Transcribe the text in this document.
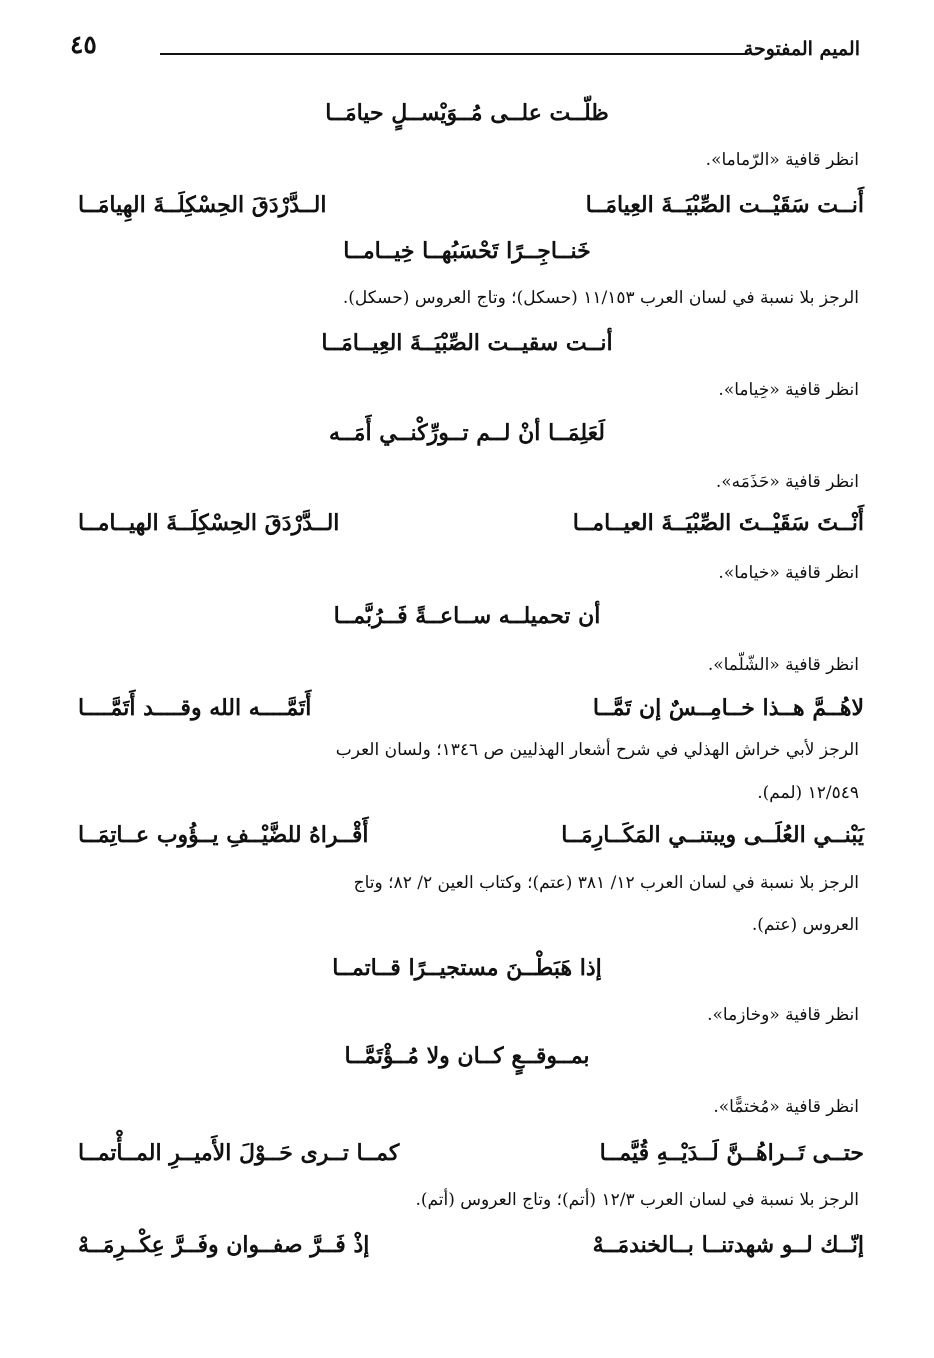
الميم المفتوحة
٤٥
ظلّــت علــى مُــوَيْســلٍ حيامَــا
انظر قافية «الرّماما».
أَنــت سَقَيْــت الصِّبْيَــةَ العِيامَــا
الــدَّرْدَقَ الحِسْكِلَــةَ الهِيامَــا
خَنــاجِــرًا تَحْسَبُهــا خِيــامــا
الرجز بلا نسبة في لسان العرب ١١/١٥٣ (حسكل)؛ وتاج العروس (حسكل).
أنــت سقيــت الصِّبْيَــةَ العِيــامَــا
انظر قافية «خِياما».
لَعَلِمَــا أنْ لــم تــورِّكْنــي أَمَــه
انظر قافية «حَذَمَه».
أَنْــتَ سَقَيْــتَ الصِّبْيَــةَ العيــامــا
الــدَّرْدَقَ الحِسْكِلَــةَ الهيــامــا
انظر قافية «خياما».
أن تحميلــه ســاعــةً فَــرُبَّمــا
انظر قافية «الشّلّما».
لاهُــمَّ هــذا خــامِــسٌ إن تَمَّــا
أَتَمَّــــه الله وقــــد أَتَمَّــــا
الرجز لأبي خراش الهذلي في شرح أشعار الهذليين ص ١٣٤٦؛ ولسان العرب
١٢/٥٤٩ (لمم).
يَبْنــي العُلَــى ويبتنــي المَكَــارِمَــا
أَقْــراهُ للضَّيْــفِ يــؤُوب عــاتِمَــا
الرجز بلا نسبة في لسان العرب ١٢/ ٣٨١ (عتم)؛ وكتاب العين ٢/ ٨٢؛ وتاج
العروس (عتم).
إذا هَبَطْــنَ مستجيــرًا قــاتمــا
انظر قافية «وخازما».
بمــوقــعٍ كــان ولا مُــؤْتَمَّــا
انظر قافية «مُختمًّا».
حتــى تَــراهُــنَّ لَــدَيْــهِ قُيَّمــا
كمــا تــرى حَــوْلَ الأَميــرِ المــأْتمــا
الرجز بلا نسبة في لسان العرب ١٢/٣ (أتم)؛ وتاج العروس (أتم).
إنّــك لــو شهدتنــا بــالخندمَــهْ
إذْ فَــرَّ صفــوان وفَــرَّ عِكْــرِمَــهْ
